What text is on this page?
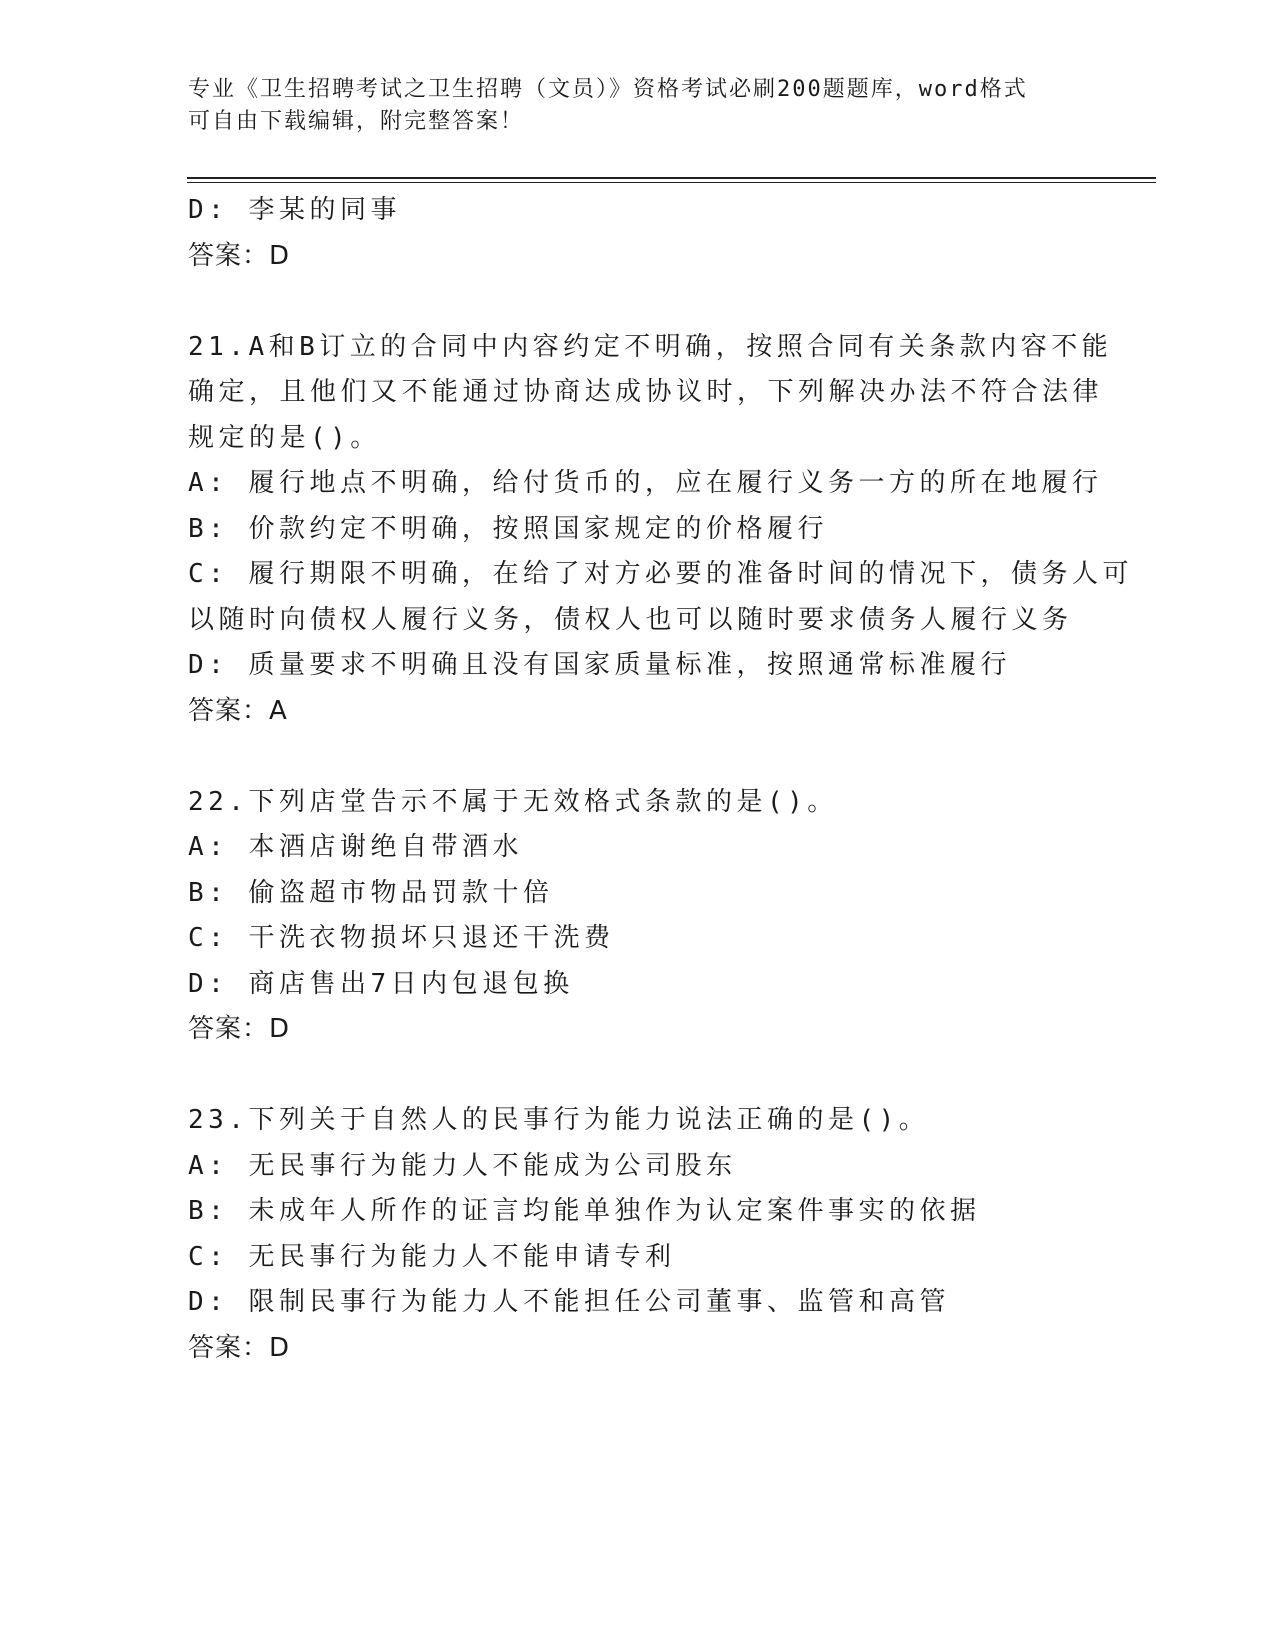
专业《卫生招聘考试之卫生招聘（文员）》资格考试必刷200题题库，word格式
可自由下载编辑，附完整答案！
D: 李某的同事
答案：D
21.A和B订立的合同中内容约定不明确，按照合同有关条款内容不能
确定，且他们又不能通过协商达成协议时，下列解决办法不符合法律
规定的是()。
A: 履行地点不明确，给付货币的，应在履行义务一方的所在地履行
B: 价款约定不明确，按照国家规定的价格履行
C: 履行期限不明确，在给了对方必要的准备时间的情况下，债务人可
以随时向债权人履行义务，债权人也可以随时要求债务人履行义务
D: 质量要求不明确且没有国家质量标准，按照通常标准履行
答案：A
22.下列店堂告示不属于无效格式条款的是()。
A: 本酒店谢绝自带酒水
B: 偷盗超市物品罚款十倍
C: 干洗衣物损坏只退还干洗费
D: 商店售出7日内包退包换
答案：D
23.下列关于自然人的民事行为能力说法正确的是()。
A: 无民事行为能力人不能成为公司股东
B: 未成年人所作的证言均能单独作为认定案件事实的依据
C: 无民事行为能力人不能申请专利
D: 限制民事行为能力人不能担任公司董事、监管和高管
答案：D
